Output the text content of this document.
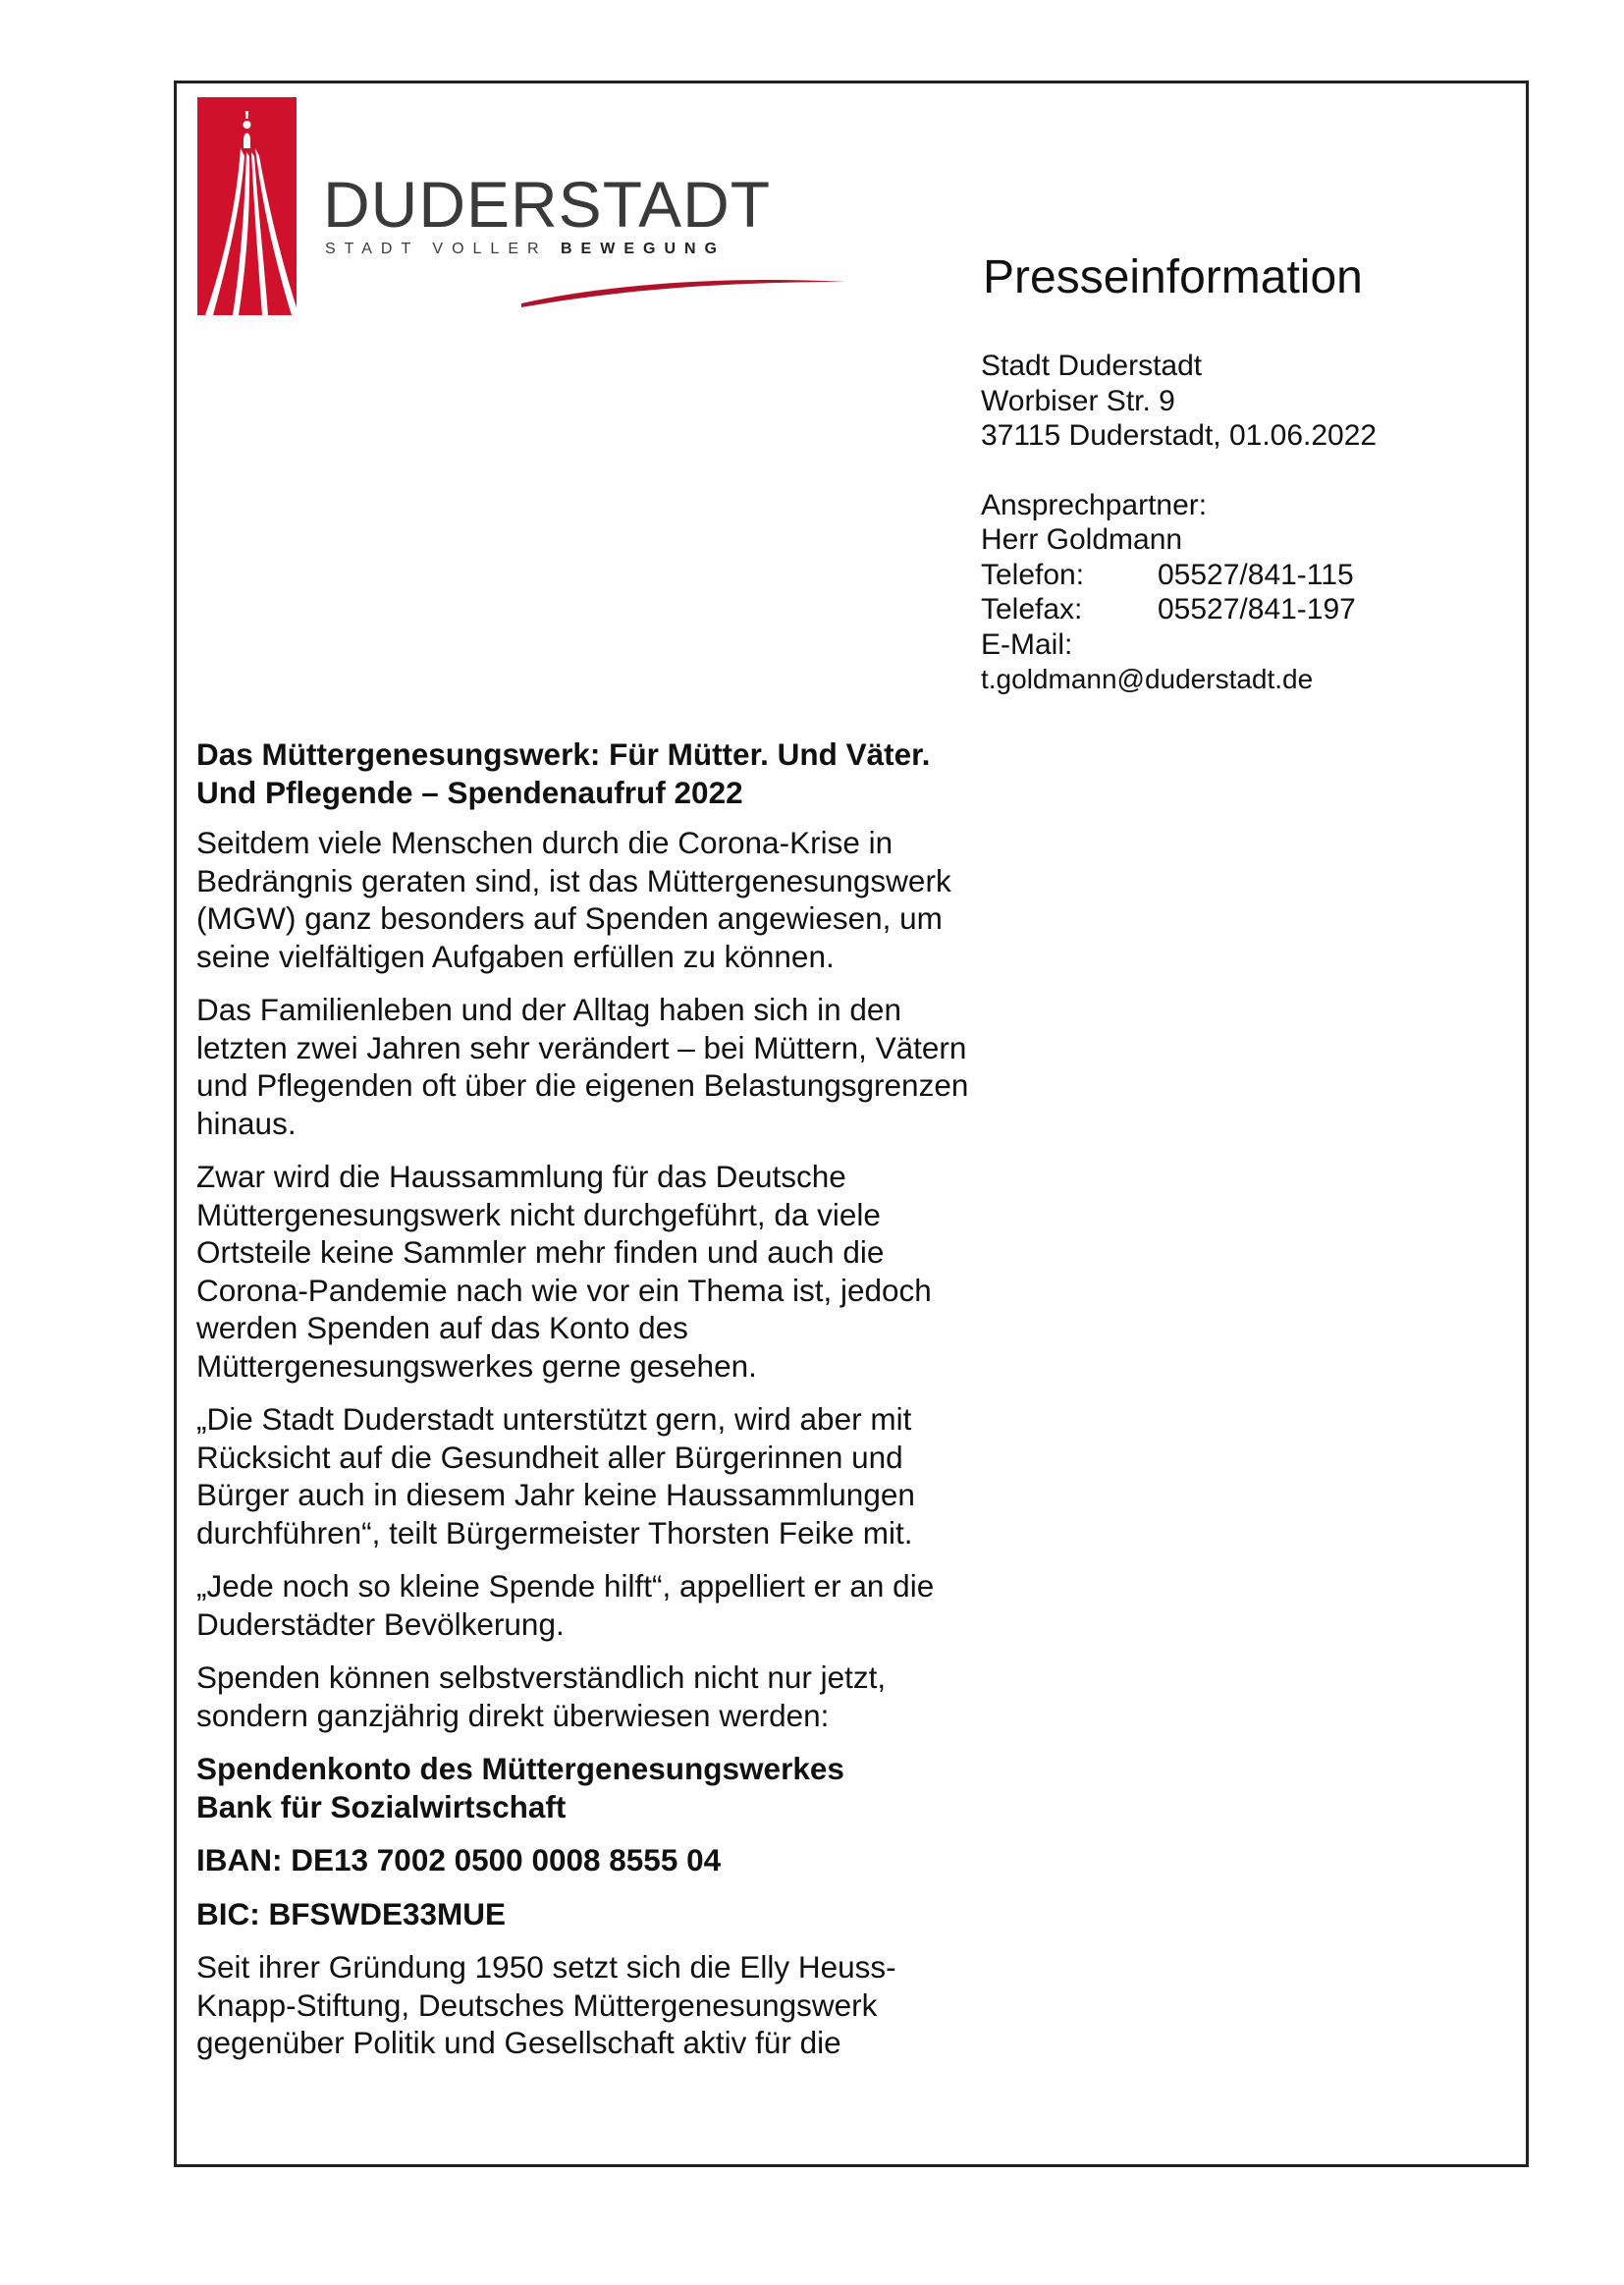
DUDERSTADT
STADT VOLLER BEWEGUNG
Presseinformation
Stadt Duderstadt
Worbiser Str. 9
37115 Duderstadt, 01.06.2022
Ansprechpartner:
Herr Goldmann
Telefon:	05527/841-115
Telefax:	05527/841-197
E-Mail:
t.goldmann@duderstadt.de
Das Müttergenesungswerk: Für Mütter. Und Väter. Und Pflegende – Spendenaufruf 2022

Seitdem viele Menschen durch die Corona-Krise in Bedrängnis geraten sind, ist das Müttergenesungswerk (MGW) ganz besonders auf Spenden angewiesen, um seine vielfältigen Aufgaben erfüllen zu können.

Das Familienleben und der Alltag haben sich in den letzten zwei Jahren sehr verändert – bei Müttern, Vätern und Pflegenden oft über die eigenen Belastungsgrenzen hinaus.

Zwar wird die Haussammlung für das Deutsche Müttergenesungswerk nicht durchgeführt, da viele Ortsteile keine Sammler mehr finden und auch die Corona-Pandemie nach wie vor ein Thema ist, jedoch werden Spenden auf das Konto des Müttergenesungswerkes gerne gesehen.

„Die Stadt Duderstadt unterstützt gern, wird aber mit Rücksicht auf die Gesundheit aller Bürgerinnen und Bürger auch in diesem Jahr keine Haussammlungen durchführen“, teilt Bürgermeister Thorsten Feike mit.

„Jede noch so kleine Spende hilft“, appelliert er an die Duderstädter Bevölkerung.

Spenden können selbstverständlich nicht nur jetzt, sondern ganzjährig direkt überwiesen werden:

Spendenkonto des Müttergenesungswerkes
Bank für Sozialwirtschaft

IBAN: DE13 7002 0500 0008 8555 04

BIC: BFSWDE33MUE

Seit ihrer Gründung 1950 setzt sich die Elly Heuss-Knapp-Stiftung, Deutsches Müttergenesungswerk gegenüber Politik und Gesellschaft aktiv für die
